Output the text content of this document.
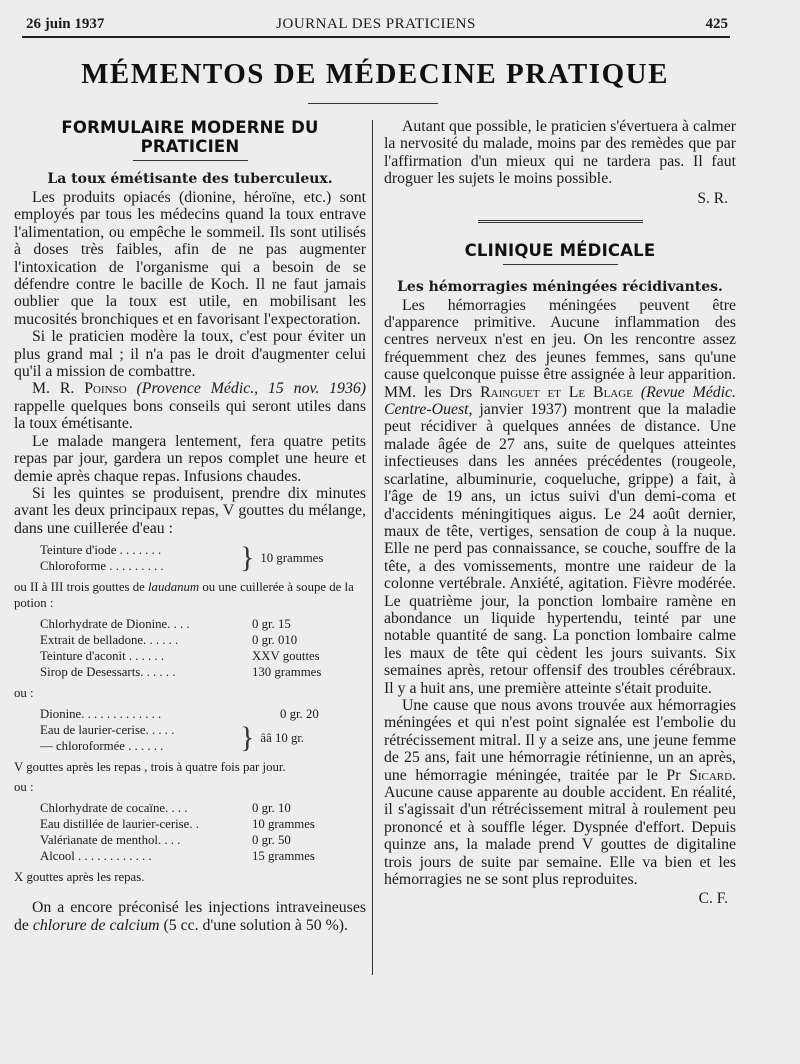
26 juin 1937	JOURNAL DES PRATICIENS	425
MÉMENTOS DE MÉDECINE PRATIQUE
FORMULAIRE MODERNE DU PRATICIEN
La toux émétisante des tuberculeux.

Les produits opiacés (dionine, héroïne, etc.) sont employés par tous les médecins quand la toux entrave l'alimentation, ou empêche le sommeil. Ils sont utilisés à doses très faibles, afin de ne pas augmenter l'intoxication de l'organisme qui a besoin de se défendre contre le bacille de Koch. Il ne faut jamais oublier que la toux est utile, en mobilisant les mucosités bronchiques et en favorisant l'expectoration.

Si le praticien modère la toux, c'est pour éviter un plus grand mal ; il n'a pas le droit d'augmenter celui qu'il a mission de combattre.

M. R. Poinso (Provence Médic., 15 nov. 1936) rappelle quelques bons conseils qui seront utiles dans la toux émétisante.

Le malade mangera lentement, fera quatre petits repas par jour, gardera un repos complet une heure et demie après chaque repas. Infusions chaudes.

Si les quintes se produisent, prendre dix minutes avant les deux principaux repas, V gouttes du mélange, dans une cuillerée d'eau :

Teinture d'iode . . . . . . .
Chloroforme . . . . . . . . .	} 10 grammes
ou II à III trois gouttes de laudanum ou une cuillerée à soupe de la potion :
Chlorhydrate de Dionine. . . .	0 gr. 15
Extrait de belladone. . . . . .	0 gr. 010
Teinture d'aconit . . . . . .	XXV gouttes
Sirop de Desessarts. . . . . .	130 grammes
ou :
Dionine. . . . . . . . . . . . .	0 gr. 20
Eau de laurier-cerise. . . . .
— chloroformée . . . . . .	} ââ 10 gr.
V gouttes après les repas , trois à quatre fois par jour.
ou :
Chlorhydrate de cocaïne. . . .	0 gr. 10
Eau distillée de laurier-cerise. .	10 grammes
Valérianate de menthol. . . .	0 gr. 50
Alcool . . . . . . . . . . . .	15 grammes
X gouttes après les repas.

On a encore préconisé les injections intraveineuses de chlorure de calcium (5 cc. d'une solution à 50 %).

Autant que possible, le praticien s'évertuera à calmer la nervosité du malade, moins par des remèdes que par l'affirmation d'un mieux qui ne tardera pas. Il faut droguer les sujets le moins possible.

S. R.
CLINIQUE MÉDICALE
Les hémorragies méningées récidivantes.

Les hémorragies méningées peuvent être d'apparence primitive. Aucune inflammation des centres nerveux n'est en jeu. On les rencontre assez fréquemment chez des jeunes femmes, sans qu'une cause quelconque puisse être assignée à leur apparition. MM. les Drs Rainguet et Le Blage (Revue Médic. Centre-Ouest, janvier 1937) montrent que la maladie peut récidiver à quelques années de distance. Une malade âgée de 27 ans, suite de quelques atteintes infectieuses dans les années précédentes (rougeole, scarlatine, albuminurie, coqueluche, grippe) a fait, à l'âge de 19 ans, un ictus suivi d'un demi-coma et d'accidents méningitiques aigus. Le 24 août dernier, maux de tête, vertiges, sensation de coup à la nuque. Elle ne perd pas connaissance, se couche, souffre de la tête, a des vomissements, montre une raideur de la colonne vertébrale. Anxiété, agitation. Fièvre modérée. Le quatrième jour, la ponction lombaire ramène en abondance un liquide hypertendu, teinté par une notable quantité de sang. La ponction lombaire calme les maux de tête qui cèdent les jours suivants. Six semaines après, retour offensif des troubles cérébraux. Il y a huit ans, une première atteinte s'était produite.

Une cause que nous avons trouvée aux hémorragies méningées et qui n'est point signalée est l'embolie du rétrécissement mitral. Il y a seize ans, une jeune femme de 25 ans, fait une hémorragie rétinienne, un an après, une hémorragie méningée, traitée par le Pr Sicard. Aucune cause apparente au double accident. En réalité, il s'agissait d'un rétrécissement mitral à roulement peu prononcé et à souffle léger. Dyspnée d'effort. Depuis quinze ans, la malade prend V gouttes de digitaline trois jours de suite par semaine. Elle va bien et les hémorragies ne se sont plus reproduites.

C. F.
